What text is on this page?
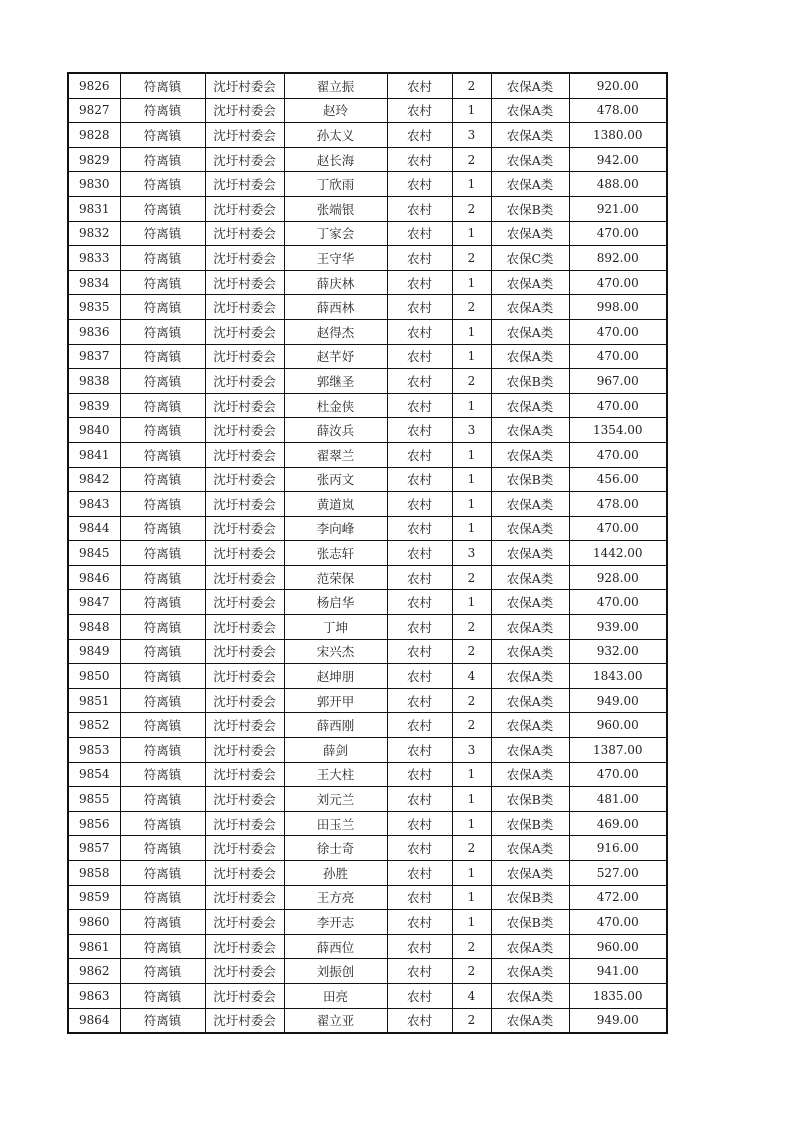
9826	符离镇	沈圩村委会	翟立振	农村	2	农保A类	920.00
9827	符离镇	沈圩村委会	赵玲	农村	1	农保A类	478.00
9828	符离镇	沈圩村委会	孙太义	农村	3	农保A类	1380.00
9829	符离镇	沈圩村委会	赵长海	农村	2	农保A类	942.00
9830	符离镇	沈圩村委会	丁欣雨	农村	1	农保A类	488.00
9831	符离镇	沈圩村委会	张端银	农村	2	农保B类	921.00
9832	符离镇	沈圩村委会	丁家会	农村	1	农保A类	470.00
9833	符离镇	沈圩村委会	王守华	农村	2	农保C类	892.00
9834	符离镇	沈圩村委会	薛庆林	农村	1	农保A类	470.00
9835	符离镇	沈圩村委会	薛西林	农村	2	农保A类	998.00
9836	符离镇	沈圩村委会	赵得杰	农村	1	农保A类	470.00
9837	符离镇	沈圩村委会	赵芊妤	农村	1	农保A类	470.00
9838	符离镇	沈圩村委会	郭继圣	农村	2	农保B类	967.00
9839	符离镇	沈圩村委会	杜金侠	农村	1	农保A类	470.00
9840	符离镇	沈圩村委会	薛汝兵	农村	3	农保A类	1354.00
9841	符离镇	沈圩村委会	翟翠兰	农村	1	农保A类	470.00
9842	符离镇	沈圩村委会	张丙文	农村	1	农保B类	456.00
9843	符离镇	沈圩村委会	黄道岚	农村	1	农保A类	478.00
9844	符离镇	沈圩村委会	李向峰	农村	1	农保A类	470.00
9845	符离镇	沈圩村委会	张志轩	农村	3	农保A类	1442.00
9846	符离镇	沈圩村委会	范荣保	农村	2	农保A类	928.00
9847	符离镇	沈圩村委会	杨启华	农村	1	农保A类	470.00
9848	符离镇	沈圩村委会	丁坤	农村	2	农保A类	939.00
9849	符离镇	沈圩村委会	宋兴杰	农村	2	农保A类	932.00
9850	符离镇	沈圩村委会	赵坤朋	农村	4	农保A类	1843.00
9851	符离镇	沈圩村委会	郭开甲	农村	2	农保A类	949.00
9852	符离镇	沈圩村委会	薛西刚	农村	2	农保A类	960.00
9853	符离镇	沈圩村委会	薛剑	农村	3	农保A类	1387.00
9854	符离镇	沈圩村委会	王大柱	农村	1	农保A类	470.00
9855	符离镇	沈圩村委会	刘元兰	农村	1	农保B类	481.00
9856	符离镇	沈圩村委会	田玉兰	农村	1	农保B类	469.00
9857	符离镇	沈圩村委会	徐士奇	农村	2	农保A类	916.00
9858	符离镇	沈圩村委会	孙胜	农村	1	农保A类	527.00
9859	符离镇	沈圩村委会	王方亮	农村	1	农保B类	472.00
9860	符离镇	沈圩村委会	李开志	农村	1	农保B类	470.00
9861	符离镇	沈圩村委会	薛西位	农村	2	农保A类	960.00
9862	符离镇	沈圩村委会	刘振创	农村	2	农保A类	941.00
9863	符离镇	沈圩村委会	田亮	农村	4	农保A类	1835.00
9864	符离镇	沈圩村委会	翟立亚	农村	2	农保A类	949.00
